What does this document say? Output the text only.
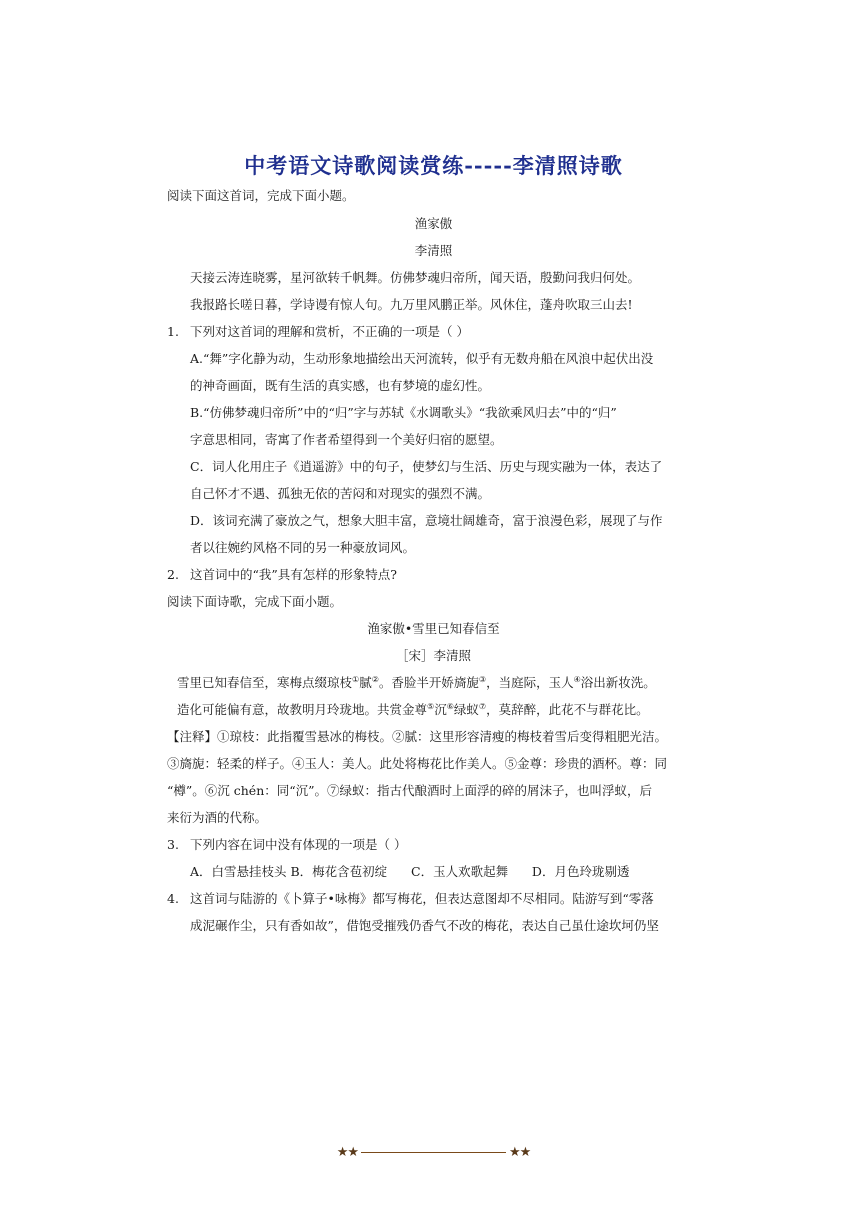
中考语文诗歌阅读赏练-----李清照诗歌
阅读下面这首词，完成下面小题。
渔家傲
李清照
天接云涛连晓雾，星河欲转千帆舞。仿佛梦魂归帝所，闻天语，殷勤问我归何处。
我报路长嗟日暮，学诗谩有惊人句。九万里风鹏正举。风休住，蓬舟吹取三山去!
1. 下列对这首词的理解和赏析，不正确的一项是（ ）
A.“舞”字化静为动，生动形象地描绘出天河流转，似乎有无数舟船在风浪中起伏出没
的神奇画面，既有生活的真实感，也有梦境的虚幻性。
B.“仿佛梦魂归帝所”中的“归”字与苏轼《水调歌头》“我欲乘风归去”中的“归”
字意思相同，寄寓了作者希望得到一个美好归宿的愿望。
C．词人化用庄子《逍遥游》中的句子，使梦幻与生活、历史与现实融为一体，表达了
自己怀才不遇、孤独无依的苦闷和对现实的强烈不满。
D．该词充满了豪放之气，想象大胆丰富，意境壮阔雄奇，富于浪漫色彩，展现了与作
者以往婉约风格不同的另一种豪放词风。
2. 这首词中的“我”具有怎样的形象特点?
阅读下面诗歌，完成下面小题。
渔家傲•雪里已知春信至
［宋］李清照
雪里已知春信至，寒梅点缀琼枝①腻②。香脸半开娇旖旎③，当庭际，玉人④浴出新妆洗。
造化可能偏有意，故教明月玲珑地。共赏金尊⑤沉⑥绿蚁⑦，莫辞醉，此花不与群花比。
【注释】①琼枝：此指覆雪悬冰的梅枝。②腻：这里形容清瘦的梅枝着雪后变得粗肥光洁。
③旖旎：轻柔的样子。④玉人：美人。此处将梅花比作美人。⑤金尊：珍贵的酒杯。尊：同
“樽”。⑥沉 chén：同“沉”。⑦绿蚁：指古代酿酒时上面浮的碎的屑沫子，也叫浮蚁，后
来衍为酒的代称。
3. 下列内容在词中没有体现的一项是（ ）
A．白雪悬挂枝头 B．梅花含苞初绽      C．玉人欢歌起舞      D．月色玲珑剔透
4. 这首词与陆游的《卜算子•咏梅》都写梅花，但表达意图却不尽相同。陆游写到“零落
成泥碾作尘，只有香如故”，借饱受摧残仍香气不改的梅花，表达自己虽仕途坎坷仍坚
★★	★★
